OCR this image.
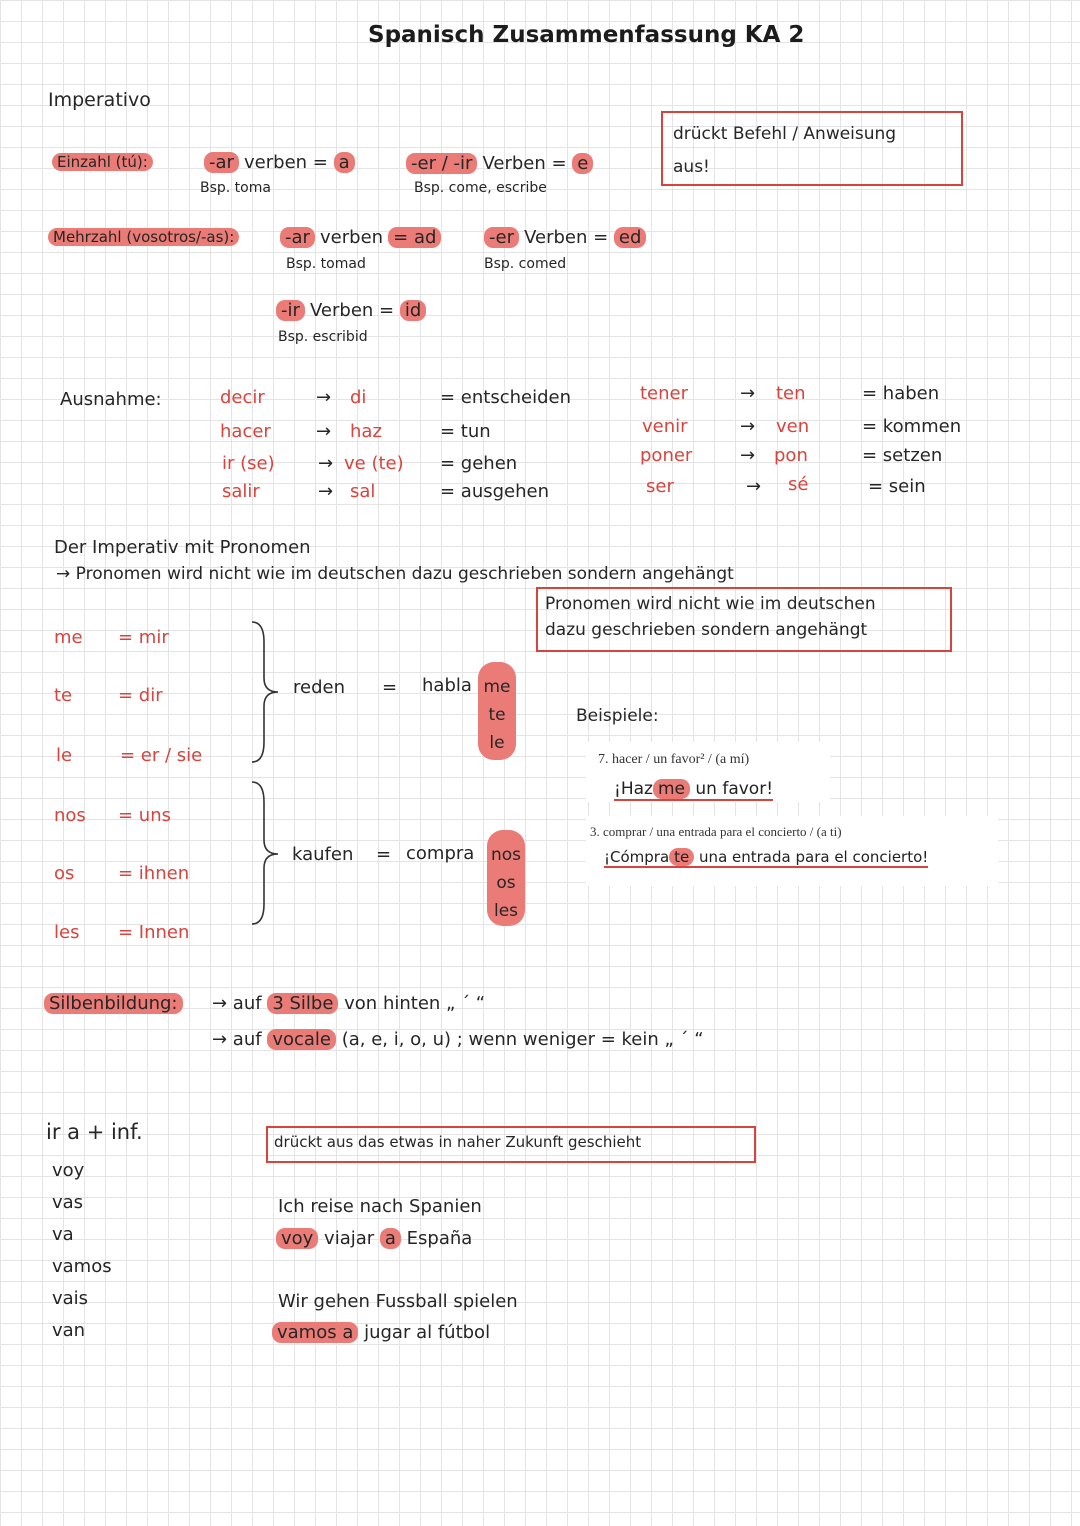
Spanisch Zusammenfassung KA 2
Imperativo
drückt Befehl / Anweisung
aus!
Einzahl (tú):	-ar verben = a
Bsp. toma
-er / -ir Verben = e
Bsp. come, escribe
Mehrzahl (vosotros/-as):	-ar verben = ad
Bsp. tomad
-er Verben = ed
Bsp. comed
-ir Verben = id
Bsp. escribid
Ausnahme:	decir	→ di	= entscheiden
hacer	→ haz	= tun
ir (se) → ve (te) = gehen
salir	→ sal	= ausgehen
tener	→ ten	= haben
venir	→ ven	= kommen
poner	→ pon	= setzen
ser	→ sé	= sein
Der Imperativ mit Pronomen
→ Pronomen wird nicht wie im deutschen dazu geschrieben sondern angehängt
Pronomen wird nicht wie im deutschen
dazu geschrieben sondern angehängt
me = mir
te	= dir
le	= er / sie
nos = uns
os = ihnen
les = Innen
reden = habla me
te
le
kaufen = compra nos
os
les
Beispiele:
7. hacer / un favor² / (a mí)
¡Haz me un favor!
3. comprar / una entrada para el concierto / (a ti)
¡Cómpra te una entrada para el concierto!
Silbenbildung: → auf 3 Silbe von hinten „ ´ “
→ auf vocale (a, e, i, o, u) ; wenn weniger = kein „ ´ “
ir a + inf.
voy
vas
va
vamos
vais
van
drückt aus das etwas in naher Zukunft geschieht
Ich reise nach Spanien
voy viajar a España
Wir gehen Fussball spielen
vamos a jugar al fútbol
